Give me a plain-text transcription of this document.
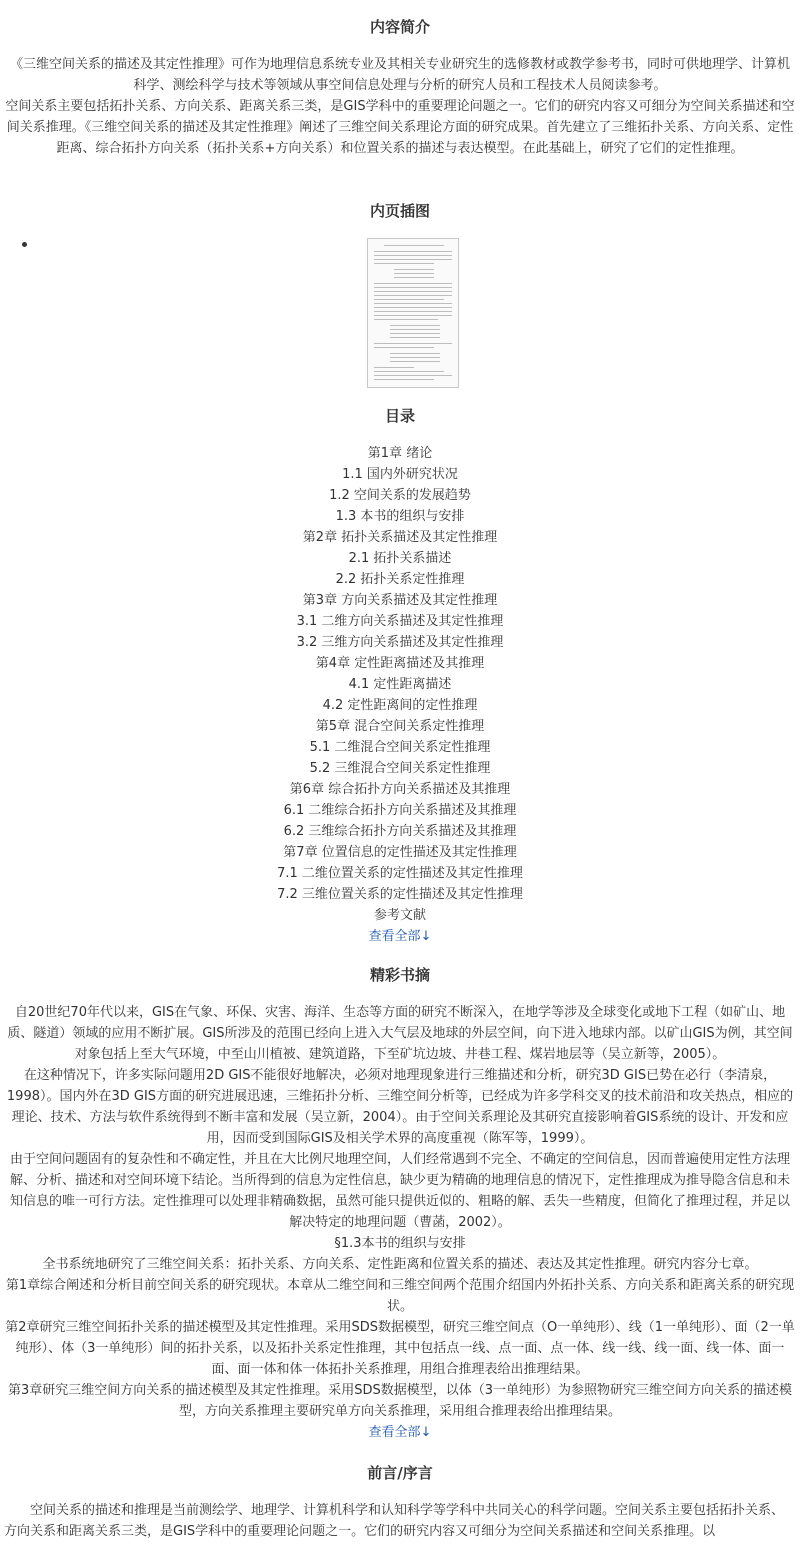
内容简介

《三维空间关系的描述及其定性推理》可作为地理信息系统专业及其相关专业研究生的选修教材或教学参考书，同时可供地理学、计算机科学、测绘科学与技术等领域从事空间信息处理与分析的研究人员和工程技术人员阅读参考。

空间关系主要包括拓扑关系、方向关系、距离关系三类，是GIS学科中的重要理论问题之一。它们的研究内容又可细分为空间关系描述和空间关系推理。《三维空间关系的描述及其定性推理》阐述了三维空间关系理论方面的研究成果。首先建立了三维拓扑关系、方向关系、定性距离、综合拓扑方向关系（拓扑关系+方向关系）和位置关系的描述与表达模型。在此基础上，研究了它们的定性推理。

内页插图
目录
第1章 绪论
1.1 国内外研究状况
1.2 空间关系的发展趋势
1.3 本书的组织与安排
第2章 拓扑关系描述及其定性推理
2.1 拓扑关系描述
2.2 拓扑关系定性推理
第3章 方向关系描述及其定性推理
3.1 二维方向关系描述及其定性推理
3.2 三维方向关系描述及其定性推理
第4章 定性距离描述及其推理
4.1 定性距离描述
4.2 定性距离间的定性推理
第5章 混合空间关系定性推理
5.1 二维混合空间关系定性推理
5.2 三维混合空间关系定性推理
第6章 综合拓扑方向关系描述及其推理
6.1 二维综合拓扑方向关系描述及其推理
6.2 三维综合拓扑方向关系描述及其推理
第7章 位置信息的定性描述及其定性推理
7.1 二维位置关系的定性描述及其定性推理
7.2 三维位置关系的定性描述及其定性推理
参考文献
查看全部↓
精彩书摘

自20世纪70年代以来，GIS在气象、环保、灾害、海洋、生态等方面的研究不断深入，在地学等涉及全球变化或地下工程（如矿山、地质、隧道）领域的应用不断扩展。GIS所涉及的范围已经向上进入大气层及地球的外层空间，向下进入地球内部。以矿山GIS为例，其空间对象包括上至大气环境，中至山川植被、建筑道路，下至矿坑边坡、井巷工程、煤岩地层等（吴立新等，2005）。

在这种情况下，许多实际问题用2D GIS不能很好地解决，必须对地理现象进行三维描述和分析，研究3D GIS已势在必行（李清泉，1998）。国内外在3D GIS方面的研究进展迅速，三维拓扑分析、三维空间分析等，已经成为许多学科交叉的技术前沿和攻关热点，相应的理论、技术、方法与软件系统得到不断丰富和发展（吴立新，2004）。由于空间关系理论及其研究直接影响着GIS系统的设计、开发和应用，因而受到国际GIS及相关学术界的高度重视（陈军等，1999）。

由于空间问题固有的复杂性和不确定性，并且在大比例尺地理空间，人们经常遇到不完全、不确定的空间信息，因而普遍使用定性方法理解、分析、描述和对空间环境下结论。当所得到的信息为定性信息，缺少更为精确的地理信息的情况下，定性推理成为推导隐含信息和未知信息的唯一可行方法。定性推理可以处理非精确数据，虽然可能只提供近似的、粗略的解、丢失一些精度，但简化了推理过程，并足以解决特定的地理问题（曹菡，2002）。

§1.3本书的组织与安排

全书系统地研究了三维空间关系：拓扑关系、方向关系、定性距离和位置关系的描述、表达及其定性推理。研究内容分七章。

第1章综合阐述和分析目前空间关系的研究现状。本章从二维空间和三维空间两个范围介绍国内外拓扑关系、方向关系和距离关系的研究现状。

第2章研究三维空间拓扑关系的描述模型及其定性推理。采用SDS数据模型，研究三维空间点（O一单纯形）、线（1一单纯形）、面（2一单纯形）、体（3一单纯形）间的拓扑关系，以及拓扑关系定性推理，其中包括点一线、点一面、点一体、线一线、线一面、线一体、面一面、面一体和体一体拓扑关系推理，用组合推理表给出推理结果。

第3章研究三维空间方向关系的描述模型及其定性推理。采用SDS数据模型，以体（3一单纯形）为参照物研究三维空间方向关系的描述模型，方向关系推理主要研究单方向关系推理，采用组合推理表给出推理结果。

查看全部↓
前言/序言

空间关系的描述和推理是当前测绘学、地理学、计算机科学和认知科学等学科中共同关心的科学问题。空间关系主要包括拓扑关系、方向关系和距离关系三类，是GIS学科中的重要理论问题之一。它们的研究内容又可细分为空间关系描述和空间关系推理。以
